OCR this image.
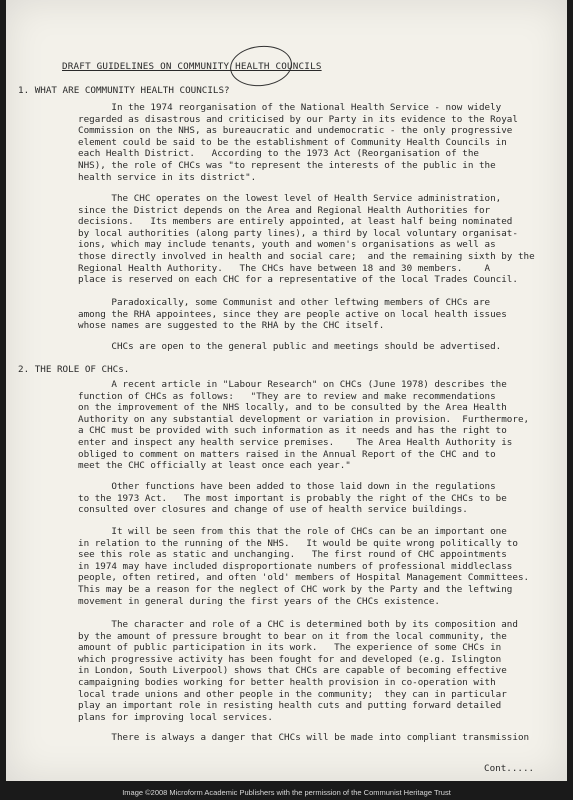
DRAFT GUIDELINES ON COMMUNITY HEALTH COUNCILS
1. WHAT ARE COMMUNITY HEALTH COUNCILS?

In the 1974 reorganisation of the National Health Service - now widely
regarded as disastrous and criticised by our Party in its evidence to the Royal
Commission on the NHS, as bureaucratic and undemocratic - the only progressive
element could be said to be the establishment of Community Health Councils in
each Health District.   According to the 1973 Act (Reorganisation of the
NHS), the role of CHCs was "to represent the interests of the public in the
health service in its district".

The CHC operates on the lowest level of Health Service administration,
since the District depends on the Area and Regional Health Authorities for
decisions.   Its members are entirely appointed, at least half being nominated
by local authorities (along party lines), a third by local voluntary organisat-
ions, which may include tenants, youth and women's organisations as well as
those directly involved in health and social care;  and the remaining sixth by the
Regional Health Authority.   The CHCs have between 18 and 30 members.    A
place is reserved on each CHC for a representative of the local Trades Council.

Paradoxically, some Communist and other leftwing members of CHCs are
among the RHA appointees, since they are people active on local health issues
whose names are suggested to the RHA by the CHC itself.

CHCs are open to the general public and meetings should be advertised.

2. THE ROLE OF CHCs.

A recent article in "Labour Research" on CHCs (June 1978) describes the
function of CHCs as follows:   "They are to review and make recommendations
on the improvement of the NHS locally, and to be consulted by the Area Health
Authority on any substantial development or variation in provision.  Furthermore,
a CHC must be provided with such information as it needs and has the right to
enter and inspect any health service premises.    The Area Health Authority is
obliged to comment on matters raised in the Annual Report of the CHC and to
meet the CHC officially at least once each year."

Other functions have been added to those laid down in the regulations
to the 1973 Act.   The most important is probably the right of the CHCs to be
consulted over closures and change of use of health service buildings.

It will be seen from this that the role of CHCs can be an important one
in relation to the running of the NHS.   It would be quite wrong politically to
see this role as static and unchanging.   The first round of CHC appointments
in 1974 may have included disproportionate numbers of professional middleclass
people, often retired, and often 'old' members of Hospital Management Committees.
This may be a reason for the neglect of CHC work by the Party and the leftwing
movement in general during the first years of the CHCs existence.

The character and role of a CHC is determined both by its composition and
by the amount of pressure brought to bear on it from the local community, the
amount of public participation in its work.   The experience of some CHCs in
which progressive activity has been fought for and developed (e.g. Islington
in London, South Liverpool) shows that CHCs are capable of becoming effective
campaigning bodies working for better health provision in co-operation with
local trade unions and other people in the community;  they can in particular
play an important role in resisting health cuts and putting forward detailed
plans for improving local services.

There is always a danger that CHCs will be made into compliant transmission

Cont.....
Image ©2008 Microform Academic Publishers with the permission of the Communist Heritage Trust
